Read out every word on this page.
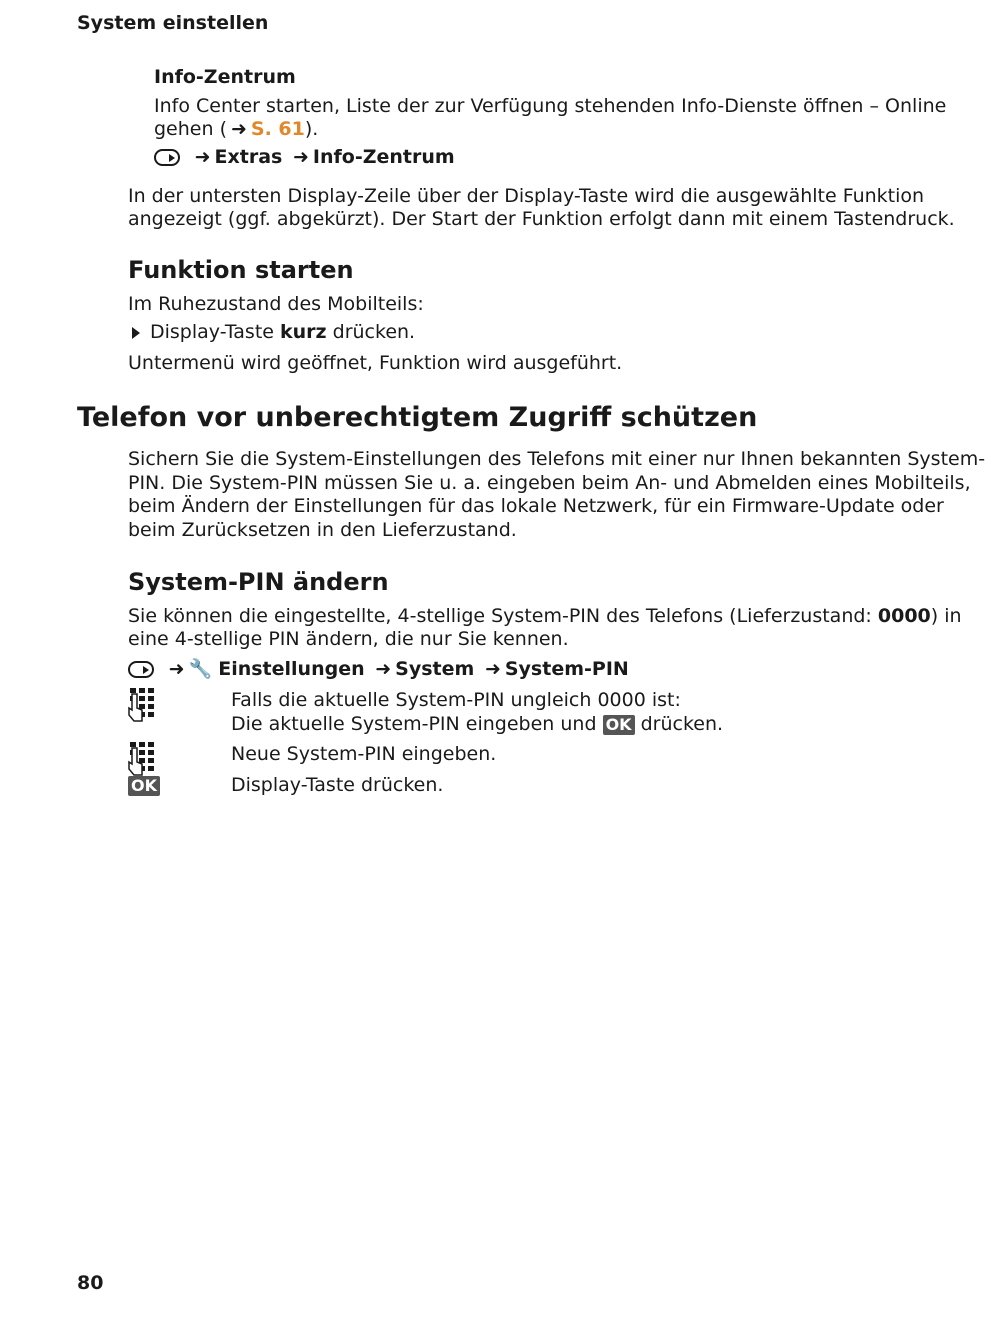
System einstellen
Info-Zentrum
Info Center starten, Liste der zur Verfügung stehenden Info-Dienste öffnen – Online
gehen ( ➜ S. 61).
➜ Extras ➜ Info-Zentrum
In der untersten Display-Zeile über der Display-Taste wird die ausgewählte Funktion
angezeigt (ggf. abgekürzt). Der Start der Funktion erfolgt dann mit einem Tastendruck.
Funktion starten
Im Ruhezustand des Mobilteils:
Display-Taste kurz drücken.
Untermenü wird geöffnet, Funktion wird ausgeführt.
Telefon vor unberechtigtem Zugriff schützen
Sichern Sie die System-Einstellungen des Telefons mit einer nur Ihnen bekannten System-
PIN. Die System-PIN müssen Sie u. a. eingeben beim An- und Abmelden eines Mobilteils,
beim Ändern der Einstellungen für das lokale Netzwerk, für ein Firmware-Update oder
beim Zurücksetzen in den Lieferzustand.
System-PIN ändern
Sie können die eingestellte, 4-stellige System-PIN des Telefons (Lieferzustand: 0000) in
eine 4-stellige PIN ändern, die nur Sie kennen.
➜ 🔧 Einstellungen ➜ System ➜ System-PIN
Falls die aktuelle System-PIN ungleich 0000 ist:
Die aktuelle System-PIN eingeben und OK drücken.
Neue System-PIN eingeben.
OK	Display-Taste drücken.
80
